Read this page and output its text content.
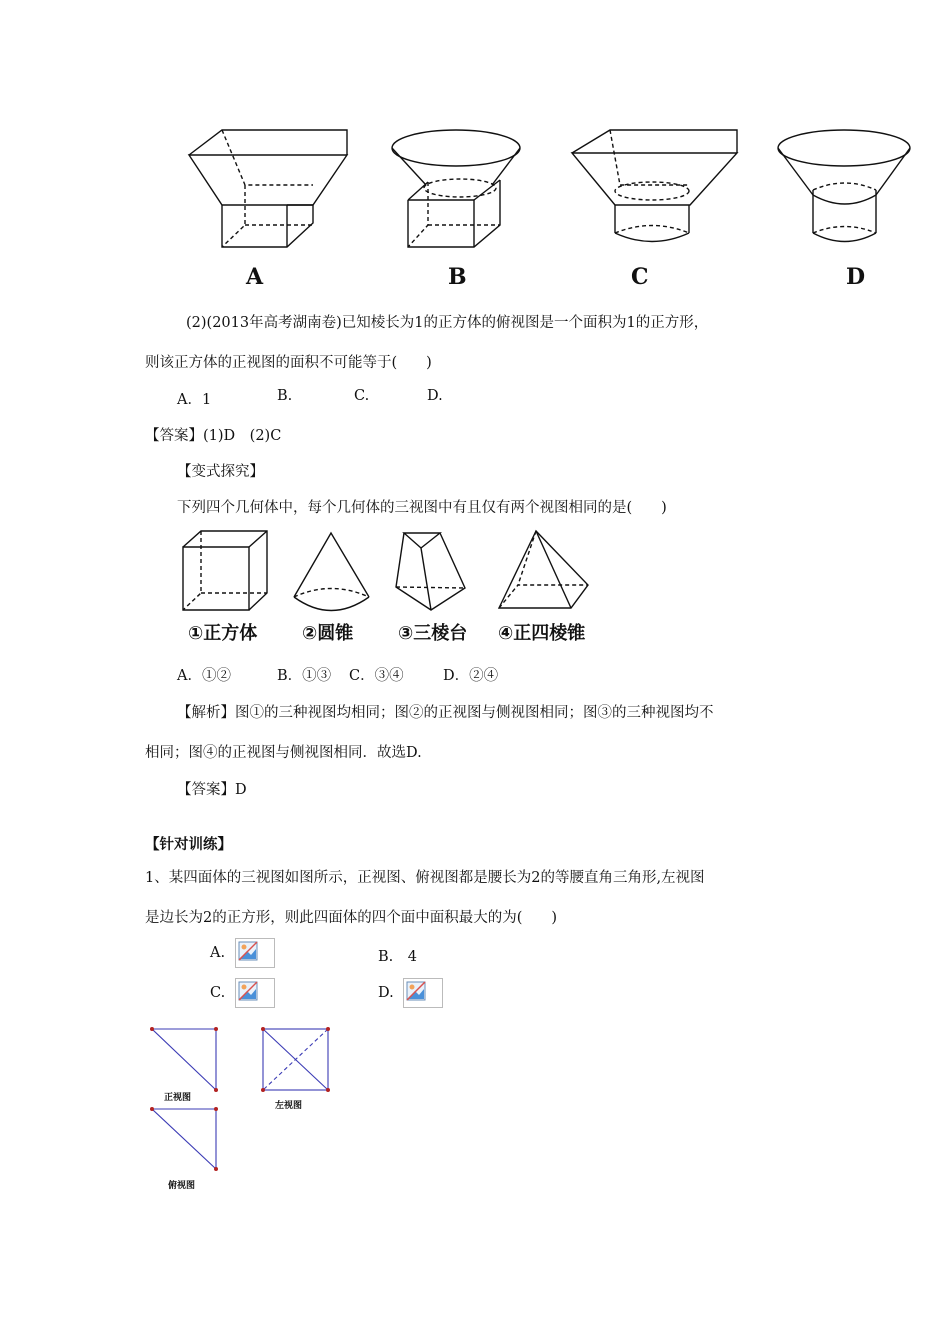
A	B	C	D
(2)(2013年高考湖南卷)已知棱长为1的正方体的俯视图是一个面积为1的正方形，
则该正方体的正视图的面积不可能等于(　　)
A．1	B.	C.	D.
【答案】(1)D　(2)C
【变式探究】
下列四个几何体中，每个几何体的三视图中有且仅有两个视图相同的是(　　)
①正方体 ②圆锥 ③三棱台 ④正四棱锥
A．①②	B．①③ C．③④	D．②④
【解析】图①的三种视图均相同；图②的正视图与侧视图相同；图③的三种视图均不
相同；图④的正视图与侧视图相同．故选D.
【答案】D
【针对训练】
1、某四面体的三视图如图所示，正视图、俯视图都是腰长为2的等腰直角三角形,左视图
是边长为2的正方形，则此四面体的四个面中面积最大的为(　　)
A.	B.　4
C.	D.
正视图
左视图
俯视图
